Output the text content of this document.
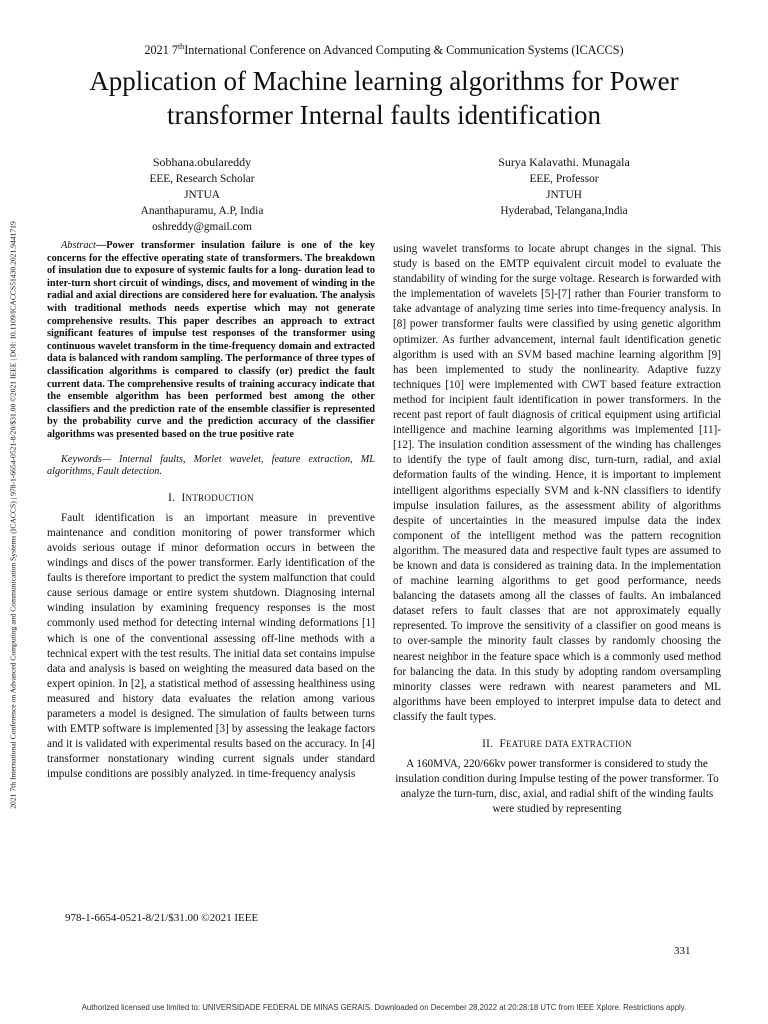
2021 7thInternational Conference on Advanced Computing & Communication Systems (ICACCS)
Application of Machine learning algorithms for Power transformer Internal faults identification
Sobhana.obulareddy
EEE, Research Scholar
JNTUA
Ananthapuramu, A.P, India
oshreddy@gmail.com
Surya Kalavathi. Munagala
EEE, Professor
JNTUH
Hyderabad, Telangana,India
2021 7th International Conference on Advanced Computing and Communication Systems (ICACCS) | 978-1-6654-0521-8/20/$31.00 ©2021 IEEE | DOI: 10.1109/ICACCS51430.2021.9441719	Abstract—Power transformer insulation failure is one of the key concerns for the effective operating state of transformers. The breakdown of insulation due to exposure of systemic faults for a long- duration lead to inter-turn short circuit of windings, discs, and movement of winding in the radial and axial directions are considered here for evaluation. The analysis with traditional methods needs expertise which may not generate comprehensive results. This paper describes an approach to extract significant features of impulse test responses of the transformer using continuous wavelet transform in the time-frequency domain and extracted data is balanced with random sampling. The performance of three types of classification algorithms is compared to classify (or) predict the fault current data. The comprehensive results of training accuracy indicate that the ensemble algorithm has been performed best among the other classifiers and the prediction rate of the ensemble classifier is represented by the probability curve and the prediction accuracy of the classifier algorithms was presented based on the true positive rate

Keywords— Internal faults, Morlet wavelet, feature extraction, ML algorithms, Fault detection.

I. INTRODUCTION

Fault identification is an important measure in preventive maintenance and condition monitoring of power transformer which avoids serious outage if minor deformation occurs in between the windings and discs of the power transformer. Early identification of the faults is therefore important to predict the system malfunction that could cause serious damage or entire system shutdown. Diagnosing internal winding insulation by examining frequency responses is the most commonly used method for detecting internal winding deformations [1] which is one of the conventional assessing off-line methods with a technical expert with the test results. The initial data set contains impulse data and analysis is based on weighting the measured data based on the expert opinion. In [2], a statistical method of assessing healthiness using measured and history data evaluates the relation among various parameters a model is designed. The simulation of faults between turns with EMTP software is implemented [3] by assessing the leakage factors and it is validated with experimental results based on the accuracy. In [4] transformer nonstationary winding current signals under standard impulse conditions are possibly analyzed. in time-frequency analysis

using wavelet transforms to locate abrupt changes in the signal. This study is based on the EMTP equivalent circuit model to evaluate the standability of winding for the surge voltage. Research is forwarded with the implementation of wavelets [5]-[7] rather than Fourier transform to take advantage of analyzing time series into time-frequency analysis. In [8] power transformer faults were classified by using genetic algorithm optimizer. As further advancement, internal fault identification genetic algorithm is used with an SVM based machine learning algorithm [9] has been implemented to study the nonlinearity. Adaptive fuzzy techniques [10] were implemented with CWT based feature extraction method for incipient fault identification in power transformers. In the recent past report of fault diagnosis of critical equipment using artificial intelligence and machine learning algorithms was implemented [11]-[12]. The insulation condition assessment of the winding has challenges to identify the type of fault among disc, turn-turn, radial, and axial deformation faults of the winding. Hence, it is important to implement intelligent algorithms especially SVM and k-NN classifiers to identify impulse insulation failures, as the assessment ability of algorithms despite of uncertainties in the measured impulse data the index component of the intelligent method was the pattern recognition algorithm. The measured data and respective fault types are assumed to be known and data is considered as training data. In the implementation of machine learning algorithms to get good performance, needs balancing the datasets among all the classes of faults. An imbalanced dataset refers to fault classes that are not approximately equally represented. To improve the sensitivity of a classifier on good means is to over-sample the minority fault classes by randomly choosing the nearest neighbor in the feature space which is a commonly used method for balancing the data. In this study by adopting random oversampling minority classes were redrawn with nearest parameters and ML algorithms have been employed to interpret impulse data to detect and classify the fault types.

II. FEATURE DATA EXTRACTION

A 160MVA, 220/66kv power transformer is considered to study the insulation condition during Impulse testing of the power transformer. To analyze the turn-turn, disc, axial, and radial shift of the winding faults were studied by representing

978-1-6654-0521-8/21/$31.00 ©2021 IEEE
331
Authorized licensed use limited to: UNIVERSIDADE FEDERAL DE MINAS GERAIS. Downloaded on December 28,2022 at 20:28:18 UTC from IEEE Xplore. Restrictions apply.
